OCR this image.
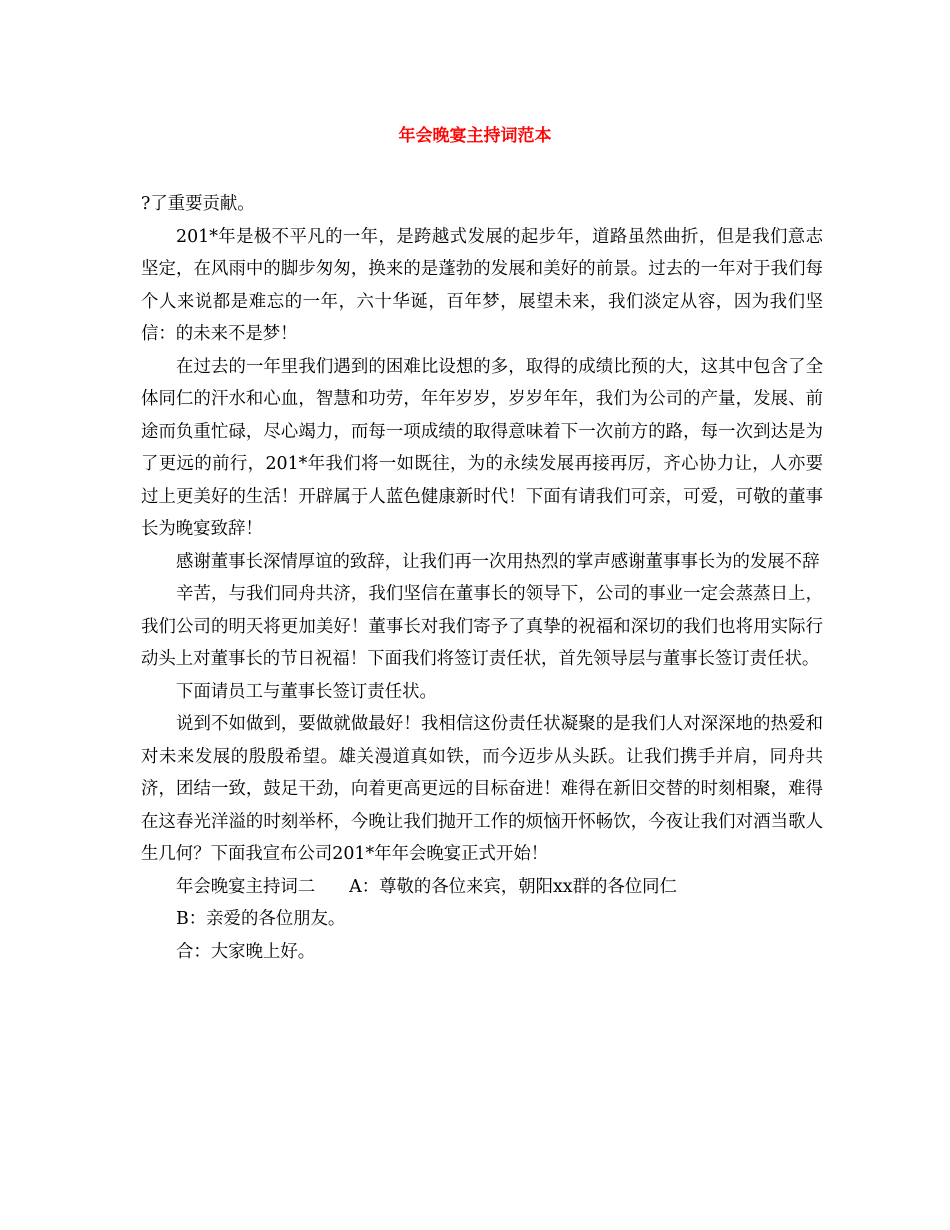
年会晚宴主持词范本

?了重要贡献。

201*年是极不平凡的一年，是跨越式发展的起步年，道路虽然曲折，但是我们意志坚定，在风雨中的脚步匆匆，换来的是蓬勃的发展和美好的前景。过去的一年对于我们每个人来说都是难忘的一年，六十华诞，百年梦，展望未来，我们淡定从容，因为我们坚信：的未来不是梦！

在过去的一年里我们遇到的困难比设想的多，取得的成绩比预的大，这其中包含了全体同仁的汗水和心血，智慧和功劳，年年岁岁，岁岁年年，我们为公司的产量，发展、前途而负重忙碌，尽心竭力，而每一项成绩的取得意味着下一次前方的路，每一次到达是为了更远的前行，201*年我们将一如既往，为的永续发展再接再厉，齐心协力让，人亦要过上更美好的生活！开辟属于人蓝色健康新时代！下面有请我们可亲，可爱，可敬的董事长为晚宴致辞！

感谢董事长深情厚谊的致辞，让我们再一次用热烈的掌声感谢董事事长为的发展不辞

辛苦，与我们同舟共济，我们坚信在董事长的领导下，公司的事业一定会蒸蒸日上，我们公司的明天将更加美好！董事长对我们寄予了真挚的祝福和深切的我们也将用实际行动头上对董事长的节日祝福！下面我们将签订责任状，首先领导层与董事长签订责任状。

下面请员工与董事长签订责任状。

说到不如做到，要做就做最好！我相信这份责任状凝聚的是我们人对深深地的热爱和对未来发展的殷殷希望。雄关漫道真如铁，而今迈步从头跃。让我们携手并肩，同舟共济，团结一致，鼓足干劲，向着更高更远的目标奋进！难得在新旧交替的时刻相聚，难得在这春光洋溢的时刻举杯，今晚让我们抛开工作的烦恼开怀畅饮，今夜让我们对酒当歌人生几何？下面我宣布公司201*年年会晚宴正式开始！

年会晚宴主持词二 A：尊敬的各位来宾，朝阳xx群的各位同仁

B：亲爱的各位朋友。

合：大家晚上好。
